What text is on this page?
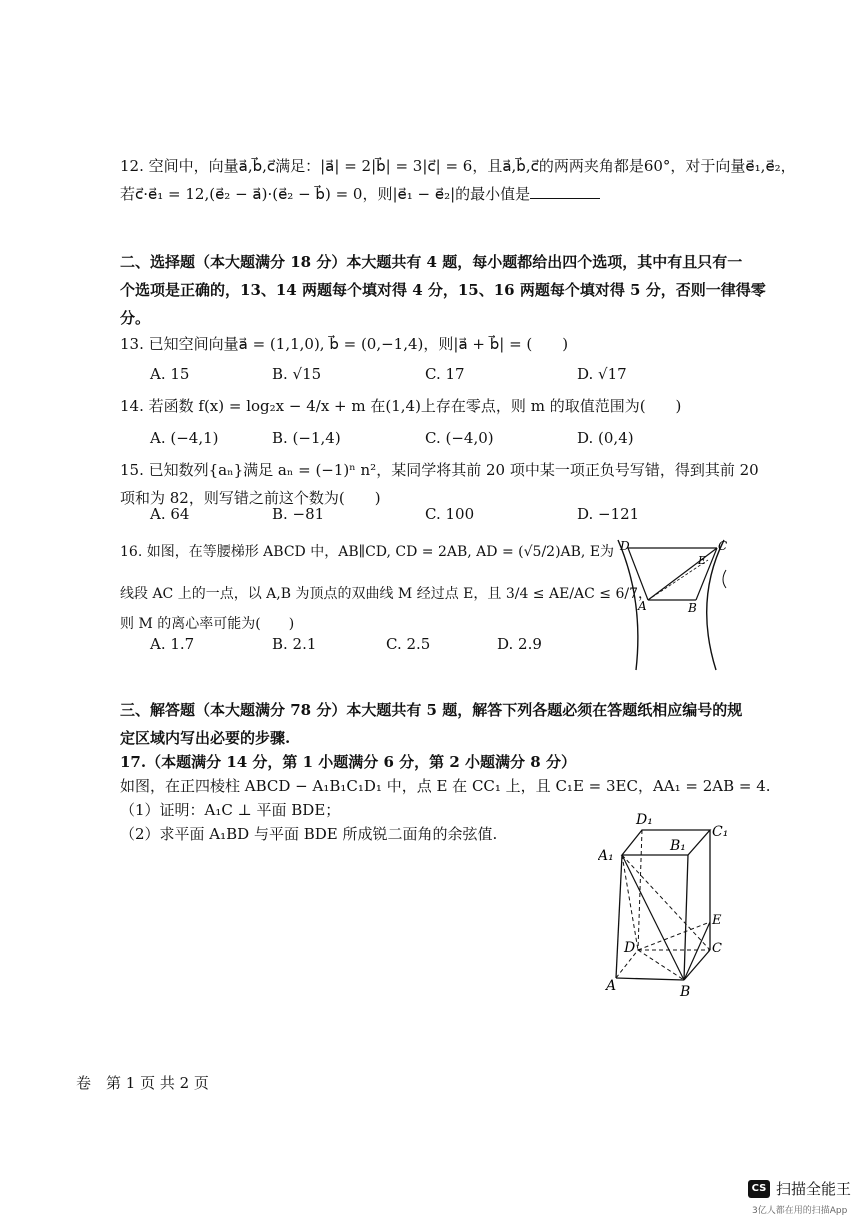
12. 空间中，向量a⃗,b⃗,c⃗满足：|a⃗| = 2|b⃗| = 3|c⃗| = 6，且a⃗,b⃗,c⃗的两两夹角都是60°，对于向量e⃗₁,e⃗₂，
若c⃗·e⃗₁ = 12,(e⃗₂ − a⃗)·(e⃗₂ − b⃗) = 0，则|e⃗₁ − e⃗₂|的最小值是
二、选择题（本大题满分 18 分）本大题共有 4 题，每小题都给出四个选项，其中有且只有一
个选项是正确的，13、14 两题每个填对得 4 分，15、16 两题每个填对得 5 分，否则一律得零
分。
13. 已知空间向量a⃗ = (1,1,0), b⃗ = (0,−1,4)，则|a⃗ + b⃗| = (　　)
A. 15	B. √15	C. 17	D. √17
14. 若函数 f(x) = log₂x − 4/x + m 在(1,4)上存在零点，则 m 的取值范围为(　　)
A. (−4,1)	B. (−1,4)	C. (−4,0)	D. (0,4)
15. 已知数列{aₙ}满足 aₙ = (−1)ⁿ n²，某同学将其前 20 项中某一项正负号写错，得到其前 20
项和为 82，则写错之前这个数为(　　)
A. 64	B. −81	C. 100	D. −121
16. 如图，在等腰梯形 ABCD 中，AB∥CD, CD = 2AB, AD = (√5/2)AB, E为
线段 AC 上的一点，以 A,B 为顶点的双曲线 M 经过点 E，且 3/4 ≤ AE/AC ≤ 6/7，
则 M 的离心率可能为(　　)
A. 1.7	B. 2.1	C. 2.5	D. 2.9
D	C
E
A	B
三、解答题（本大题满分 78 分）本大题共有 5 题，解答下列各题必须在答题纸相应编号的规
定区域内写出必要的步骤.
17.（本题满分 14 分，第 1 小题满分 6 分，第 2 小题满分 8 分）
如图，在正四棱柱 ABCD − A₁B₁C₁D₁ 中，点 E 在 CC₁ 上，且 C₁E = 3EC，AA₁ = 2AB = 4.
（1）证明：A₁C ⊥ 平面 BDE；
（2）求平面 A₁BD 与平面 BDE 所成锐二面角的余弦值.
D₁
C₁
B₁
A₁
E
D	C
A	B
卷　第 1 页 共 2 页
CS 扫描全能王
3亿人都在用的扫描App
